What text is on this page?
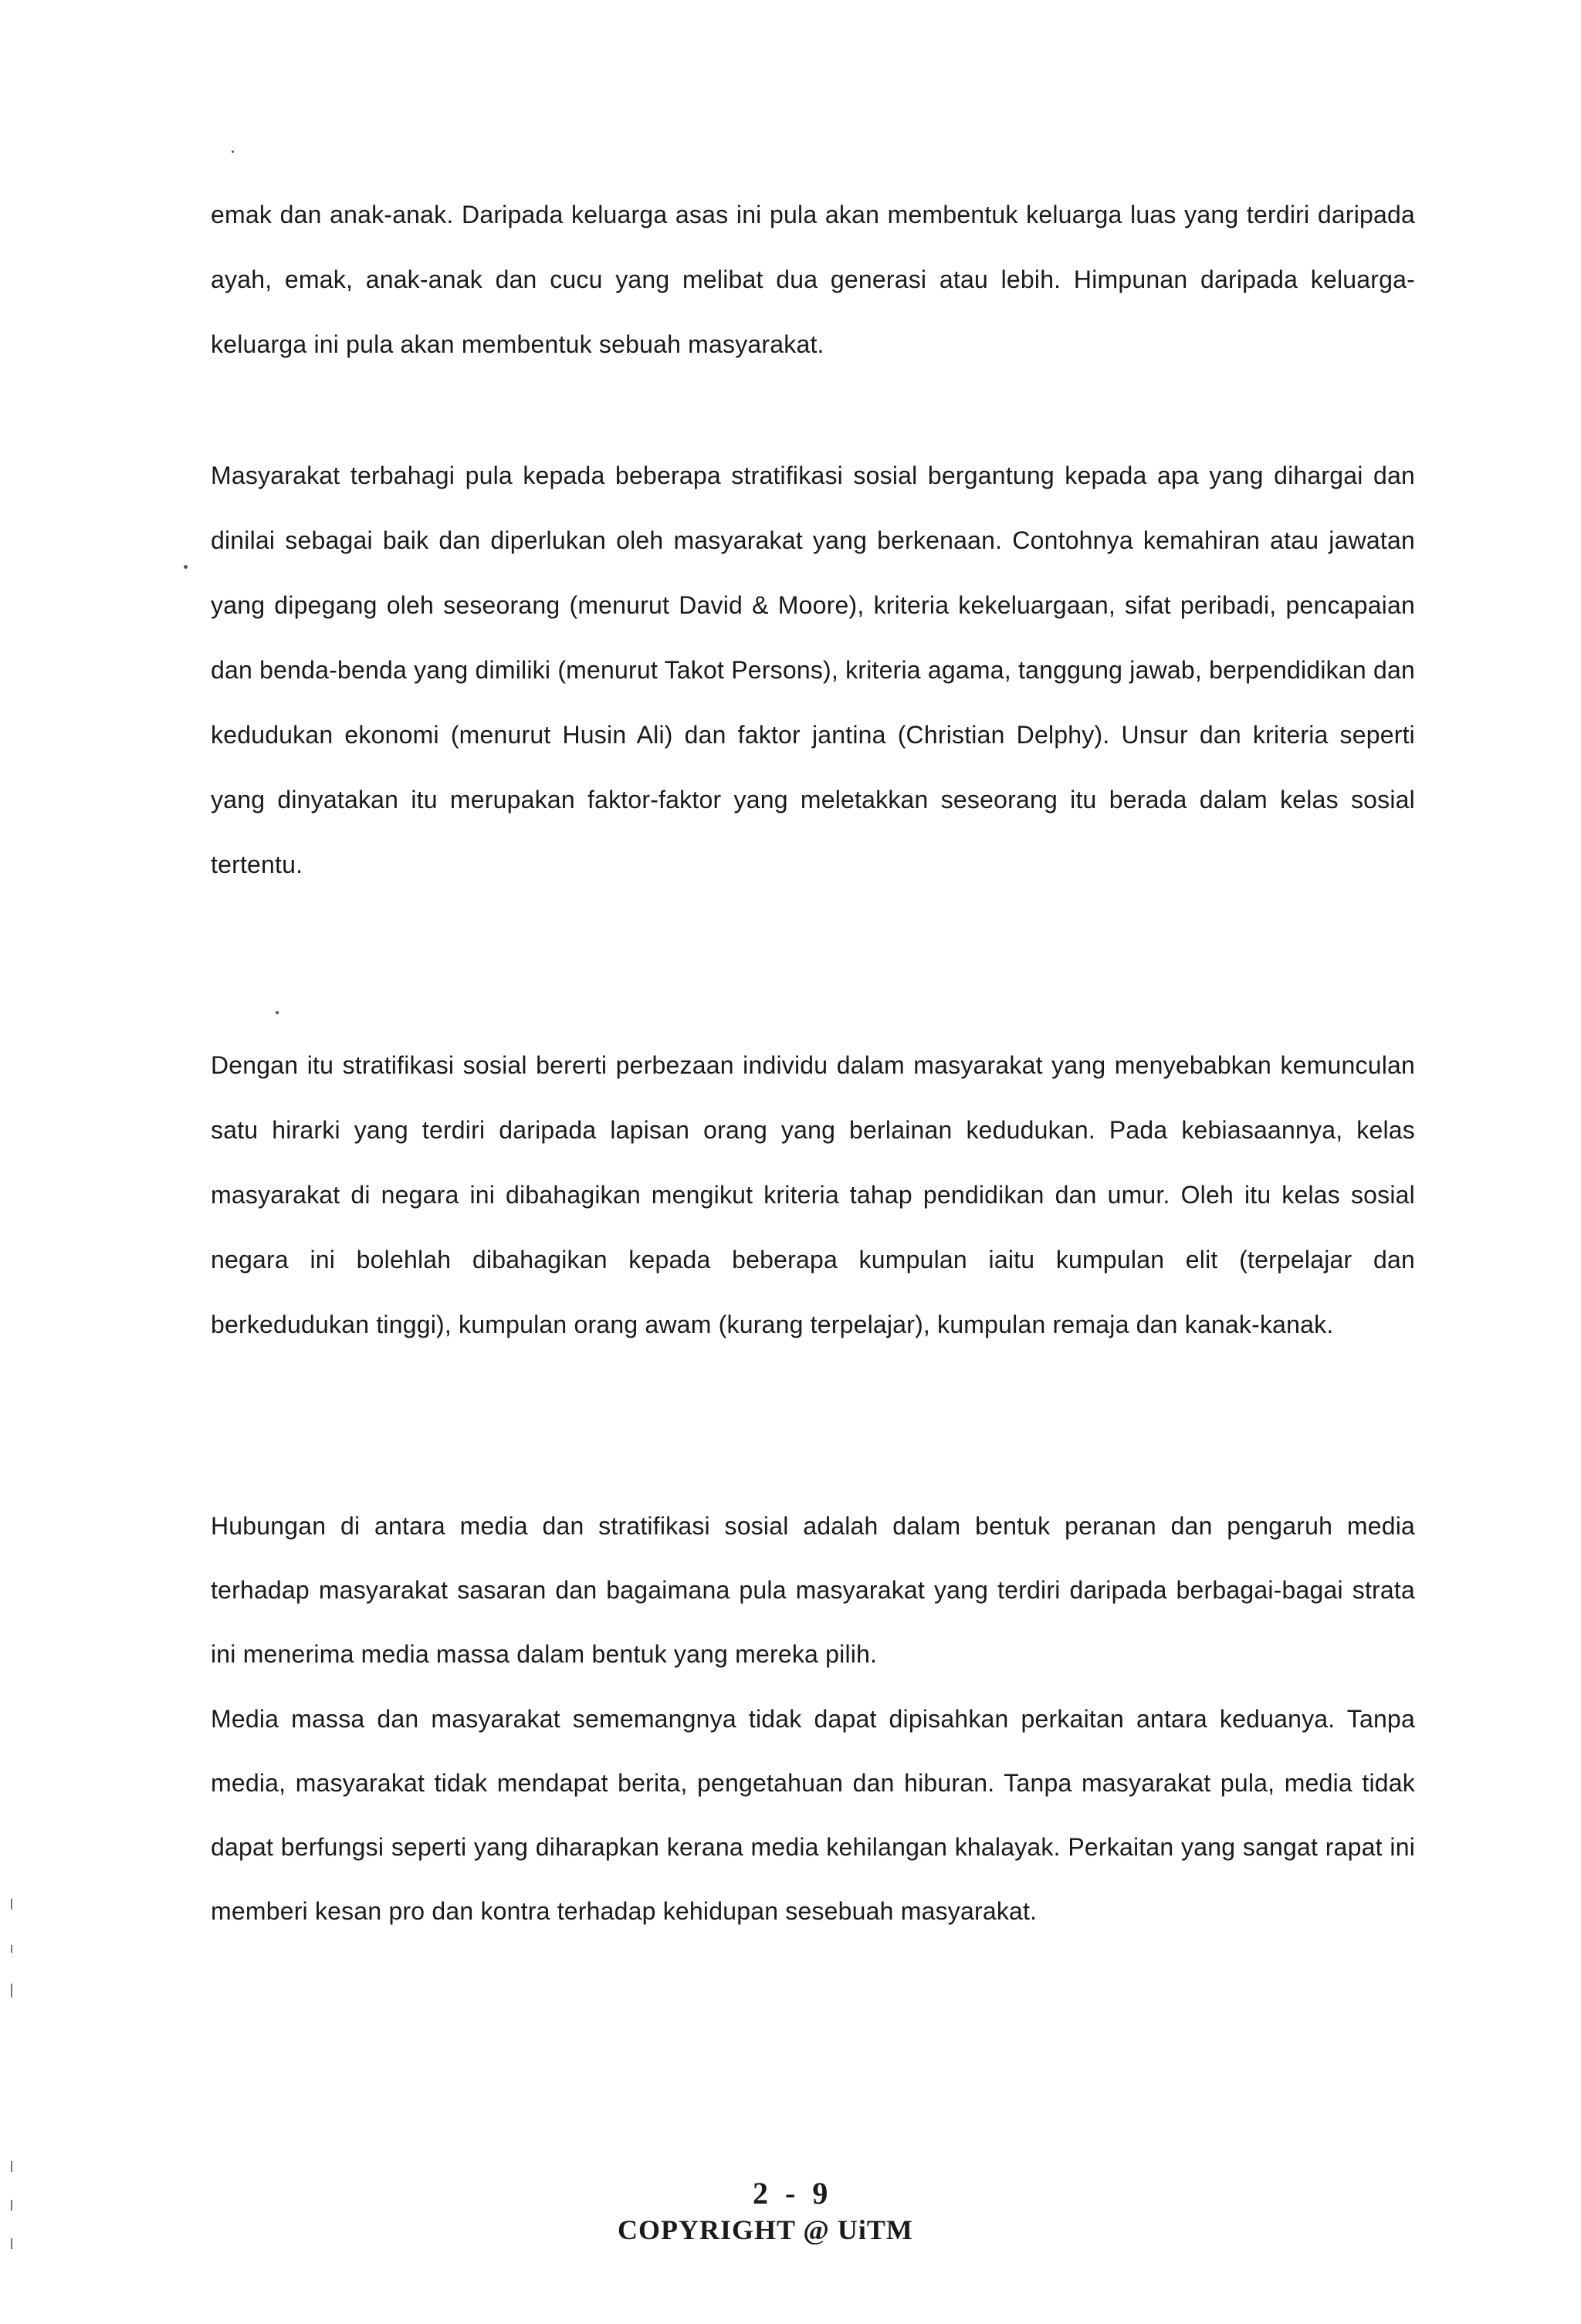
emak dan anak-anak. Daripada keluarga asas ini pula akan membentuk keluarga luas yang terdiri daripada ayah, emak, anak-anak dan cucu yang melibat dua generasi atau lebih. Himpunan daripada keluarga-keluarga ini pula akan membentuk sebuah masyarakat.

Masyarakat terbahagi pula kepada beberapa stratifikasi sosial bergantung kepada apa yang dihargai dan dinilai sebagai baik dan diperlukan oleh masyarakat yang berkenaan. Contohnya kemahiran atau jawatan yang dipegang oleh seseorang (menurut David & Moore), kriteria kekeluargaan, sifat peribadi, pencapaian dan benda-benda yang dimiliki (menurut Takot Persons), kriteria agama, tanggung jawab, berpendidikan dan kedudukan ekonomi (menurut Husin Ali) dan faktor jantina (Christian Delphy). Unsur dan kriteria seperti yang dinyatakan itu merupakan faktor-faktor yang meletakkan seseorang itu berada dalam kelas sosial tertentu.

Dengan itu stratifikasi sosial bererti perbezaan individu dalam masyarakat yang menyebabkan kemunculan satu hirarki yang terdiri daripada lapisan orang yang berlainan kedudukan. Pada kebiasaannya, kelas masyarakat di negara ini dibahagikan mengikut kriteria tahap pendidikan dan umur. Oleh itu kelas sosial negara ini bolehlah dibahagikan kepada beberapa kumpulan iaitu kumpulan elit (terpelajar dan berkedudukan tinggi), kumpulan orang awam (kurang terpelajar), kumpulan remaja dan kanak-kanak.

Hubungan di antara media dan stratifikasi sosial adalah dalam bentuk peranan dan pengaruh media terhadap masyarakat sasaran dan bagaimana pula masyarakat yang terdiri daripada berbagai-bagai strata ini menerima media massa dalam bentuk yang mereka pilih.

Media massa dan masyarakat sememangnya tidak dapat dipisahkan perkaitan antara keduanya. Tanpa media, masyarakat tidak mendapat berita, pengetahuan dan hiburan. Tanpa masyarakat pula, media tidak dapat berfungsi seperti yang diharapkan kerana media kehilangan khalayak. Perkaitan yang sangat rapat ini memberi kesan pro dan kontra terhadap kehidupan sesebuah masyarakat.

2 - 9
COPYRIGHT @ UiTM
